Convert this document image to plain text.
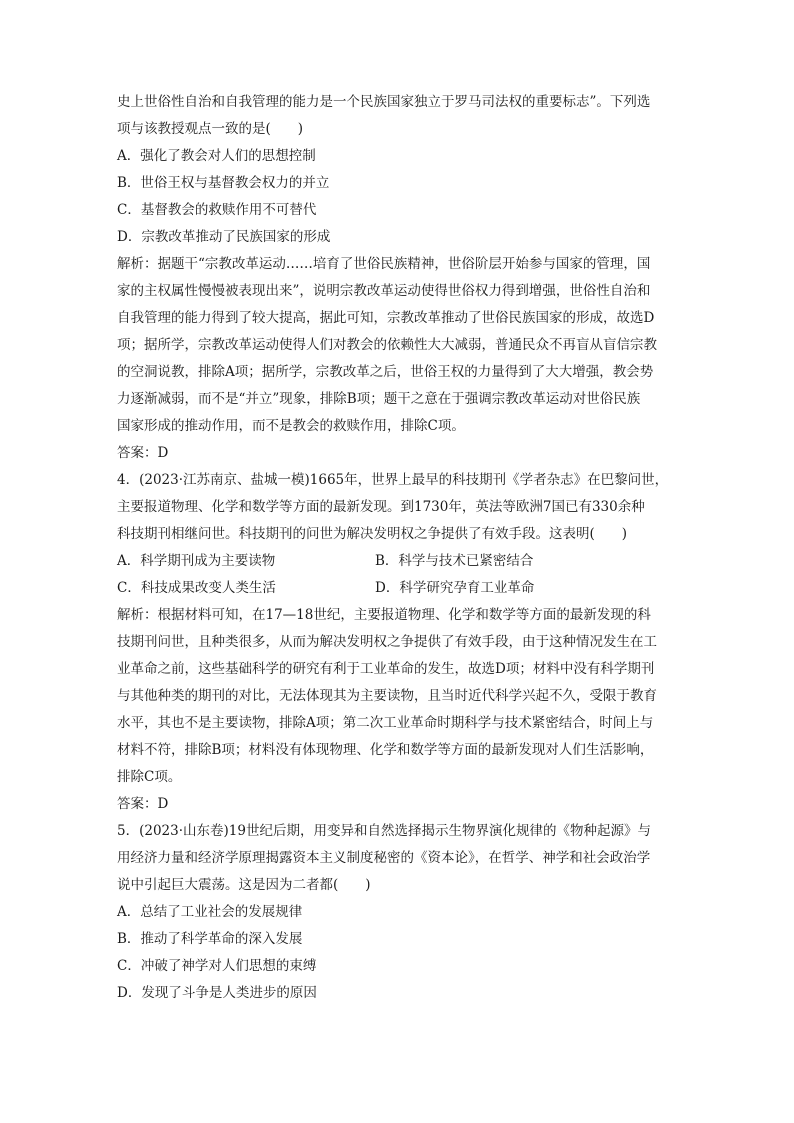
史上世俗性自治和自我管理的能力是一个民族国家独立于罗马司法权的重要标志”。下列选
项与该教授观点一致的是(　　)
A．强化了教会对人们的思想控制
B．世俗王权与基督教会权力的并立
C．基督教会的救赎作用不可替代
D．宗教改革推动了民族国家的形成
解析：据题干“宗教改革运动……培育了世俗民族精神，世俗阶层开始参与国家的管理，国
家的主权属性慢慢被表现出来”，说明宗教改革运动使得世俗权力得到增强，世俗性自治和
自我管理的能力得到了较大提高，据此可知，宗教改革推动了世俗民族国家的形成，故选D
项；据所学，宗教改革运动使得人们对教会的依赖性大大减弱，普通民众不再盲从盲信宗教
的空洞说教，排除A项；据所学，宗教改革之后，世俗王权的力量得到了大大增强，教会势
力逐渐减弱，而不是“并立”现象，排除B项；题干之意在于强调宗教改革运动对世俗民族
国家形成的推动作用，而不是教会的救赎作用，排除C项。
答案：D
4．(2023·江苏南京、盐城一模)1665年，世界上最早的科技期刊《学者杂志》在巴黎问世，
主要报道物理、化学和数学等方面的最新发现。到1730年，英法等欧洲7国已有330余种
科技期刊相继问世。科技期刊的问世为解决发明权之争提供了有效手段。这表明(　　)
A．科学期刊成为主要读物	B．科学与技术已紧密结合
C．科技成果改变人类生活	D．科学研究孕育工业革命
解析：根据材料可知，在17—18世纪，主要报道物理、化学和数学等方面的最新发现的科
技期刊问世，且种类很多，从而为解决发明权之争提供了有效手段，由于这种情况发生在工
业革命之前，这些基础科学的研究有利于工业革命的发生，故选D项；材料中没有科学期刊
与其他种类的期刊的对比，无法体现其为主要读物，且当时近代科学兴起不久，受限于教育
水平，其也不是主要读物，排除A项；第二次工业革命时期科学与技术紧密结合，时间上与
材料不符，排除B项；材料没有体现物理、化学和数学等方面的最新发现对人们生活影响，
排除C项。
答案：D
5．(2023·山东卷)19世纪后期，用变异和自然选择揭示生物界演化规律的《物种起源》与
用经济力量和经济学原理揭露资本主义制度秘密的《资本论》，在哲学、神学和社会政治学
说中引起巨大震荡。这是因为二者都(　　)
A．总结了工业社会的发展规律
B．推动了科学革命的深入发展
C．冲破了神学对人们思想的束缚
D．发现了斗争是人类进步的原因
